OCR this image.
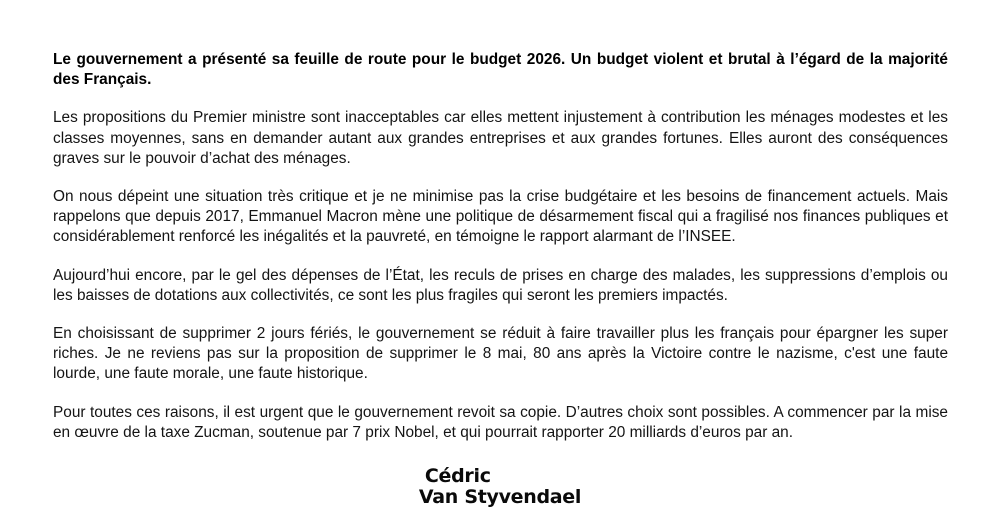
Le gouvernement a présenté sa feuille de route pour le budget 2026. Un budget violent et brutal à l’égard de la majorité des Français.

Les propositions du Premier ministre sont inacceptables car elles mettent injustement à contribution les ménages modestes et les classes moyennes, sans en demander autant aux grandes entreprises et aux grandes fortunes. Elles auront des conséquences graves sur le pouvoir d’achat des ménages.

On nous dépeint une situation très critique et je ne minimise pas la crise budgétaire et les besoins de financement actuels. Mais rappelons que depuis 2017, Emmanuel Macron mène une politique de désarmement fiscal qui a fragilisé nos finances publiques et considérablement renforcé les inégalités et la pauvreté, en témoigne le rapport alarmant de l’INSEE.

Aujourd’hui encore, par le gel des dépenses de l’État, les reculs de prises en charge des malades, les suppressions d’emplois ou les baisses de dotations aux collectivités, ce sont les plus fragiles qui seront les premiers impactés.

En choisissant de supprimer 2 jours fériés, le gouvernement se réduit à faire travailler plus les français pour épargner les super riches. Je ne reviens pas sur la proposition de supprimer le 8 mai, 80 ans après la Victoire contre le nazisme, c'est une faute lourde, une faute morale, une faute historique.

Pour toutes ces raisons, il est urgent que le gouvernement revoit sa copie. D’autres choix sont possibles. A commencer par la mise en œuvre de la taxe Zucman, soutenue par 7 prix Nobel, et qui pourrait rapporter 20 milliards d’euros par an.

Cédric
Van Styvendael
